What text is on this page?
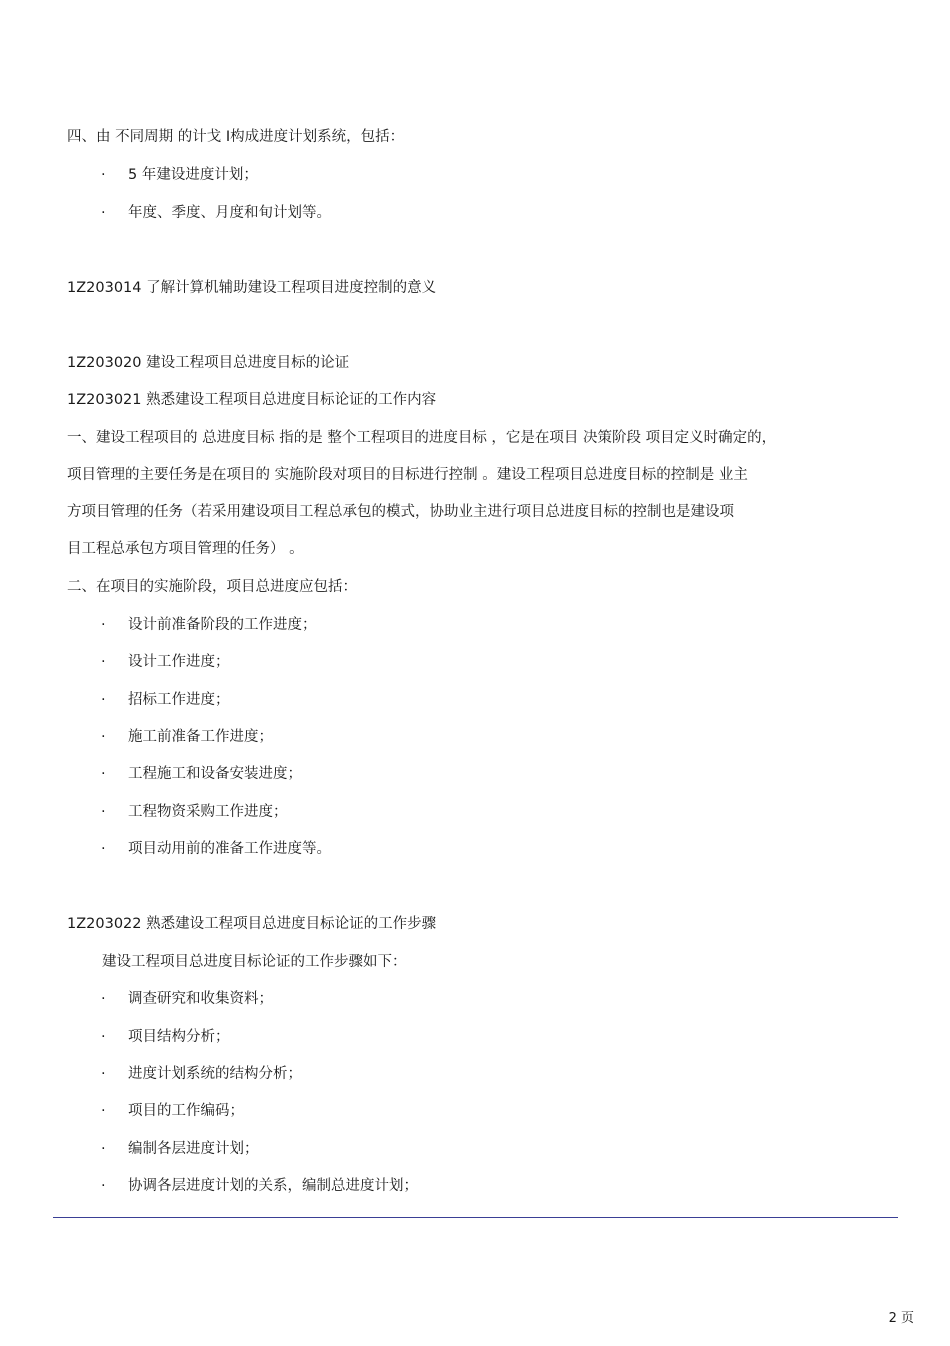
四、由 不同周期 的计戈 I构成进度计划系统，包括：
· 5 年建设进度计划；
· 年度、季度、月度和旬计划等。
1Z203014 了解计算机辅助建设工程项目进度控制的意义
1Z203020 建设工程项目总进度目标的论证
1Z203021 熟悉建设工程项目总进度目标论证的工作内容
一、建设工程项目的 总进度目标 指的是 整个工程项目的进度目标 ，它是在项目 决策阶段 项目定义时确定的，
项目管理的主要任务是在项目的 实施阶段对项目的目标进行控制 。建设工程项目总进度目标的控制是 业主
方项目管理的任务（若采用建设项目工程总承包的模式，协助业主进行项目总进度目标的控制也是建设项
目工程总承包方项目管理的任务） 。
二、在项目的实施阶段，项目总进度应包括：
· 设计前准备阶段的工作进度；
· 设计工作进度；
· 招标工作进度；
· 施工前准备工作进度；
· 工程施工和设备安装进度；
· 工程物资采购工作进度；
· 项目动用前的准备工作进度等。
1Z203022 熟悉建设工程项目总进度目标论证的工作步骤
建设工程项目总进度目标论证的工作步骤如下：
· 调查研究和收集资料；
· 项目结构分析；
· 进度计划系统的结构分析；
· 项目的工作编码；
· 编制各层进度计划；
· 协调各层进度计划的关系，编制总进度计划；
2 页
